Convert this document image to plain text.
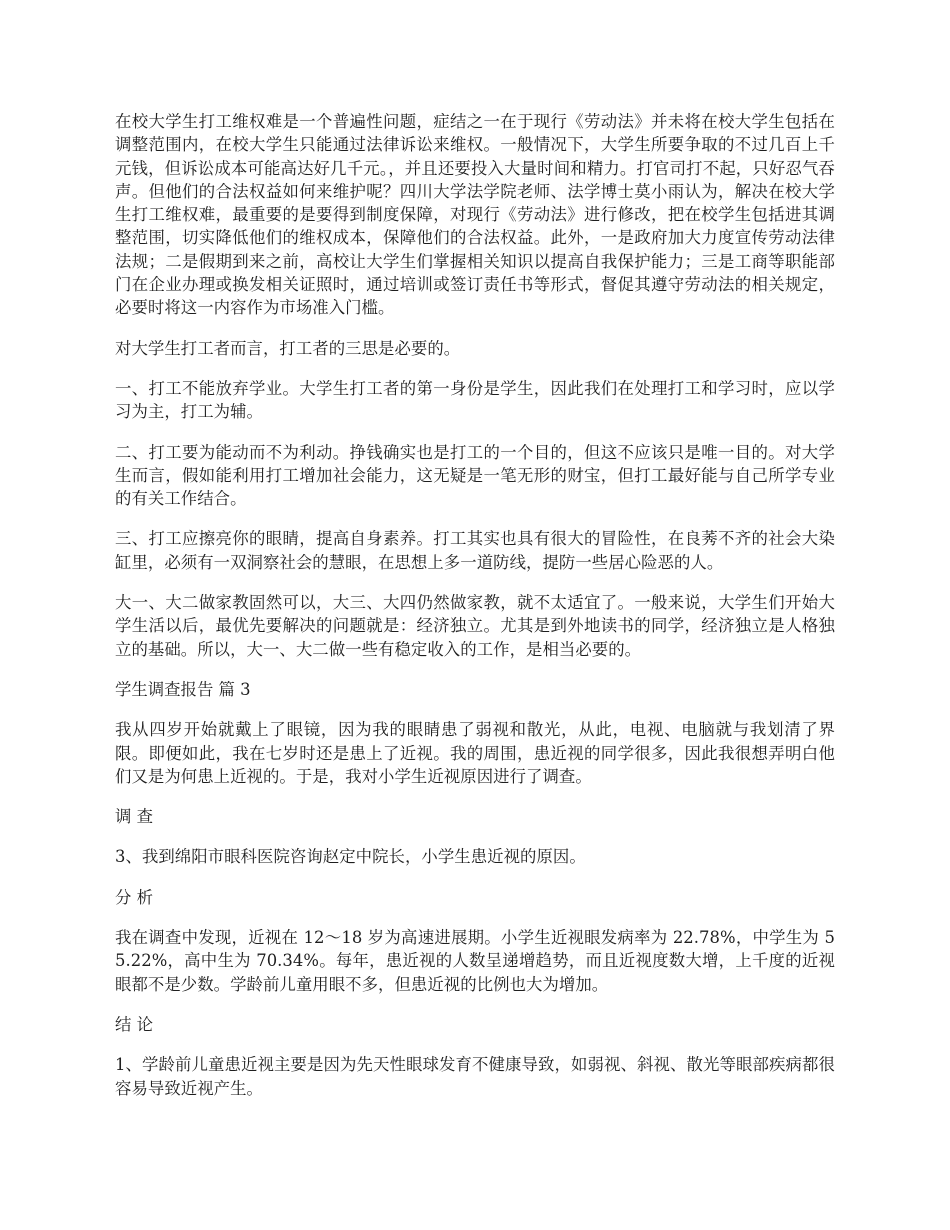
在校大学生打工维权难是一个普遍性问题，症结之一在于现行《劳动法》并未将在校大学生包括在调整范围内，在校大学生只能通过法律诉讼来维权。一般情况下，大学生所要争取的不过几百上千元钱，但诉讼成本可能高达好几千元。，并且还要投入大量时间和精力。打官司打不起，只好忍气吞声。但他们的合法权益如何来维护呢？四川大学法学院老师、法学博士莫小雨认为，解决在校大学生打工维权难，最重要的是要得到制度保障，对现行《劳动法》进行修改，把在校学生包括进其调整范围，切实降低他们的维权成本，保障他们的合法权益。此外，一是政府加大力度宣传劳动法律法规；二是假期到来之前，高校让大学生们掌握相关知识以提高自我保护能力；三是工商等职能部门在企业办理或换发相关证照时，通过培训或签订责任书等形式，督促其遵守劳动法的相关规定，必要时将这一内容作为市场准入门槛。

对大学生打工者而言，打工者的三思是必要的。

一、打工不能放弃学业。大学生打工者的第一身份是学生，因此我们在处理打工和学习时，应以学习为主，打工为辅。

二、打工要为能动而不为利动。挣钱确实也是打工的一个目的，但这不应该只是唯一目的。对大学生而言，假如能利用打工增加社会能力，这无疑是一笔无形的财宝，但打工最好能与自己所学专业的有关工作结合。

三、打工应擦亮你的眼睛，提高自身素养。打工其实也具有很大的冒险性，在良莠不齐的社会大染缸里，必须有一双洞察社会的慧眼，在思想上多一道防线，提防一些居心险恶的人。

大一、大二做家教固然可以，大三、大四仍然做家教，就不太适宜了。一般来说，大学生们开始大学生活以后，最优先要解决的问题就是：经济独立。尤其是到外地读书的同学，经济独立是人格独立的基础。所以，大一、大二做一些有稳定收入的工作，是相当必要的。

学生调查报告 篇 3

我从四岁开始就戴上了眼镜，因为我的眼睛患了弱视和散光，从此，电视、电脑就与我划清了界限。即便如此，我在七岁时还是患上了近视。我的周围，患近视的同学很多，因此我很想弄明白他们又是为何患上近视的。于是，我对小学生近视原因进行了调查。

调 查

3、我到绵阳市眼科医院咨询赵定中院长，小学生患近视的原因。

分 析

我在调查中发现，近视在 12～18 岁为高速进展期。小学生近视眼发病率为 22.78%，中学生为 55.22%，高中生为 70.34%。每年，患近视的人数呈递增趋势，而且近视度数大增，上千度的近视眼都不是少数。学龄前儿童用眼不多，但患近视的比例也大为增加。

结 论

1、学龄前儿童患近视主要是因为先天性眼球发育不健康导致，如弱视、斜视、散光等眼部疾病都很容易导致近视产生。
